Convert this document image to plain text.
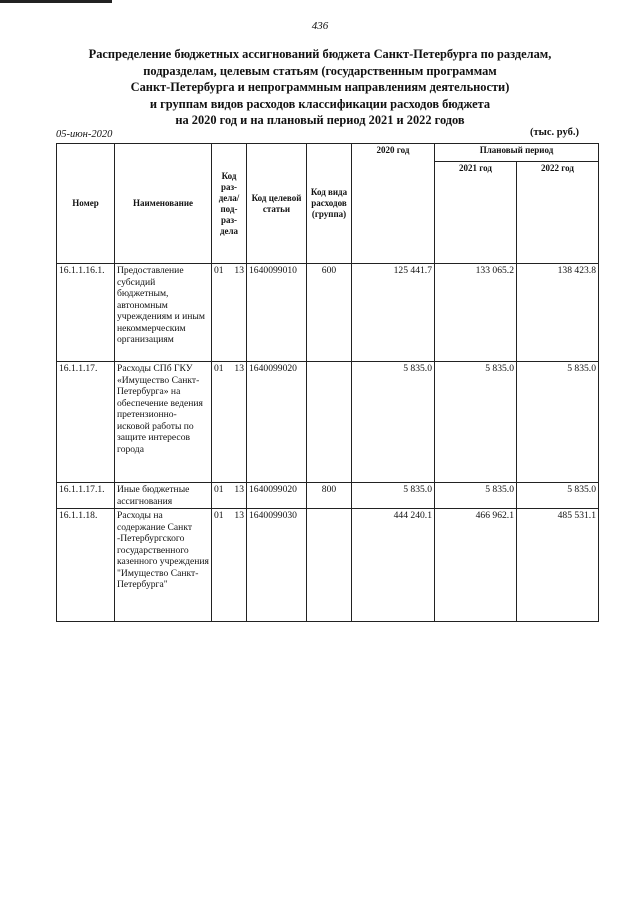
436
Распределение бюджетных ассигнований бюджета Санкт-Петербурга по разделам,
подразделам, целевым статьям (государственным программам
Санкт-Петербурга и непрограммным направлениям деятельности)
и группам видов расходов классификации расходов бюджета
на 2020 год и на плановый период 2021 и 2022 годов
05-июн-2020	(тыс. руб.)
Номер	Наименование	Код раз-дела/ под-раз-дела	Код целевой статьи	Код вида расходов (группа)	2020 год	Плановый период	
						2021 год	2022 год
16.1.1.16.1.	Предоставление субсидий бюджетным, автономным учреждениям и иным некоммерческим организациям	01 13	1640099010	600	125 441.7	133 065.2	138 423.8
16.1.1.17.	Расходы СПб ГКУ «Имущество Санкт-Петербурга» на обеспечение ведения претензионно-исковой работы по защите интересов города	01 13	1640099020		5 835.0	5 835.0	5 835.0
16.1.1.17.1.	Иные бюджетные ассигнования	01 13	1640099020	800	5 835.0	5 835.0	5 835.0
16.1.1.18.	Расходы на содержание Санкт -Петербургского государственного казенного учреждения "Имущество Санкт-Петербурга"	01 13	1640099030		444 240.1	466 962.1	485 531.1
